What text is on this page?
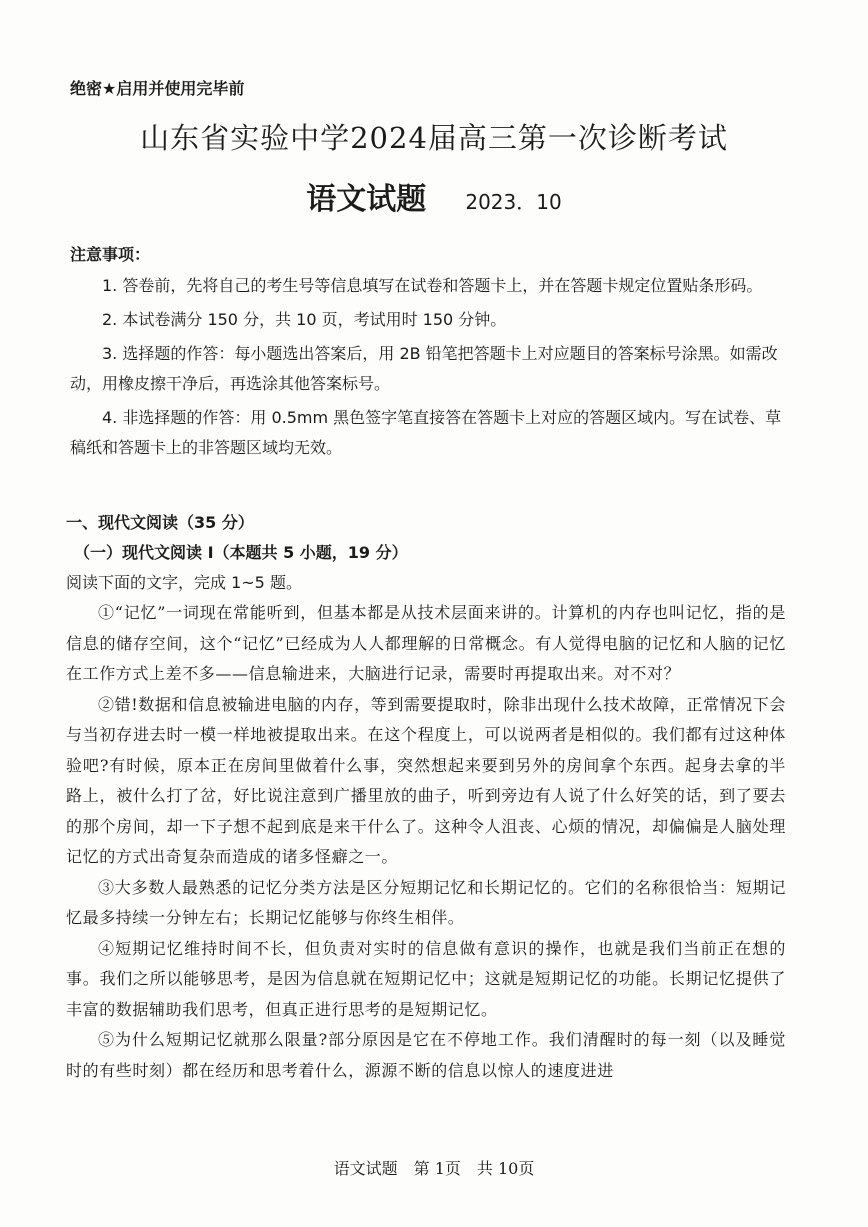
绝密★启用并使用完毕前
山东省实验中学2024届高三第一次诊断考试
语文试题 2023．10
注意事项：

1. 答卷前，先将自己的考生号等信息填写在试卷和答题卡上，并在答题卡规定位置贴条形码。

2. 本试卷满分 150 分，共 10 页，考试用时 150 分钟。

3. 选择题的作答：每小题选出答案后，用 2B 铅笔把答题卡上对应题目的答案标号涂黑。如需改动，用橡皮擦干净后，再选涂其他答案标号。

4. 非选择题的作答：用 0.5mm 黑色签字笔直接答在答题卡上对应的答题区域内。写在试卷、草稿纸和答题卡上的非答题区域均无效。

一、现代文阅读（35 分）
（一）现代文阅读 I（本题共 5 小题，19 分）
阅读下面的文字，完成 1~5 题。

①“记忆”一词现在常能听到，但基本都是从技术层面来讲的。计算机的内存也叫记忆，指的是信息的储存空间，这个“记忆”已经成为人人都理解的日常概念。有人觉得电脑的记忆和人脑的记忆在工作方式上差不多——信息输进来，大脑进行记录，需要时再提取出来。对不对？

②错!数据和信息被输进电脑的内存，等到需要提取时，除非出现什么技术故障，正常情况下会与当初存进去时一模一样地被提取出来。在这个程度上，可以说两者是相似的。我们都有过这种体验吧?有时候，原本正在房间里做着什么事，突然想起来要到另外的房间拿个东西。起身去拿的半路上，被什么打了岔，好比说注意到广播里放的曲子，听到旁边有人说了什么好笑的话，到了要去的那个房间，却一下子想不起到底是来干什么了。这种令人沮丧、心烦的情况，却偏偏是人脑处理记忆的方式出奇复杂而造成的诸多怪癖之一。

③大多数人最熟悉的记忆分类方法是区分短期记忆和长期记忆的。它们的名称很恰当：短期记忆最多持续一分钟左右；长期记忆能够与你终生相伴。

④短期记忆维持时间不长，但负责对实时的信息做有意识的操作，也就是我们当前正在想的事。我们之所以能够思考，是因为信息就在短期记忆中；这就是短期记忆的功能。长期记忆提供了丰富的数据辅助我们思考，但真正进行思考的是短期记忆。

⑤为什么短期记忆就那么限量?部分原因是它在不停地工作。我们清醒时的每一刻（以及睡觉时的有些时刻）都在经历和思考着什么，源源不断的信息以惊人的速度进进

语文试题　第 1页　共 10页
